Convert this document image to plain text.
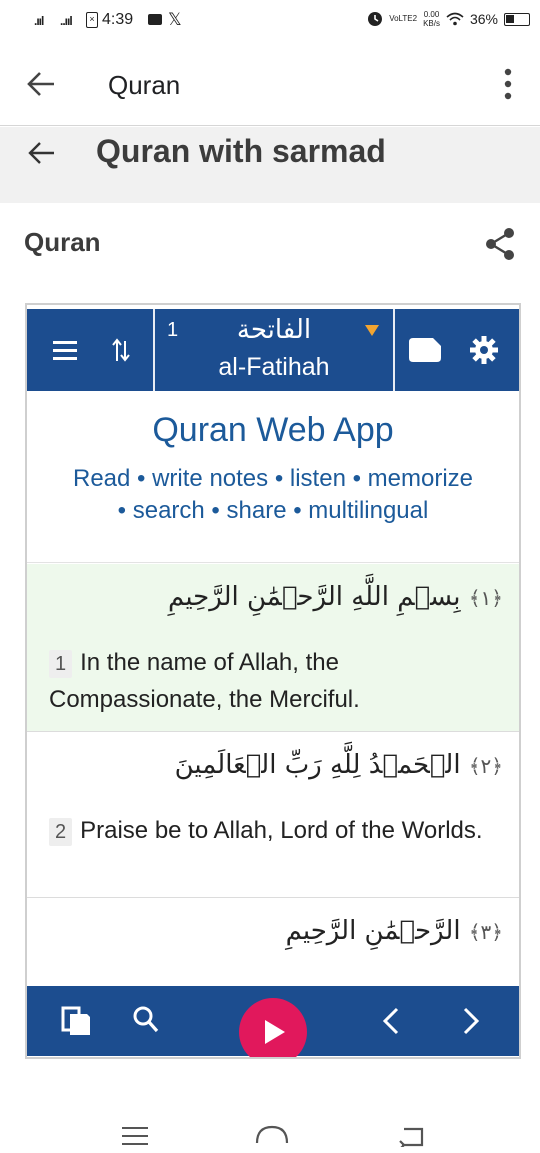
.ııl ..ııl	× 4:39 𝕏	VoLTE2 0.00
KB/s 36%
Quran
Quran with sarmad
Quran
1	الفاتحة
al-Fatihah
Quran Web App
Read • write notes • listen • memorize
• search • share • multilingual
﴿١﴾ بِسۡمِ اللَّهِ الرَّحۡمَٰنِ الرَّحِيمِ
1 In the name of Allah, the Compassionate, the Merciful.
﴿٢﴾ الۡحَمۡدُ لِلَّهِ رَبِّ الۡعَالَمِينَ
2 Praise be to Allah, Lord of the Worlds.
﴿٣﴾ الرَّحۡمَٰنِ الرَّحِيمِ
